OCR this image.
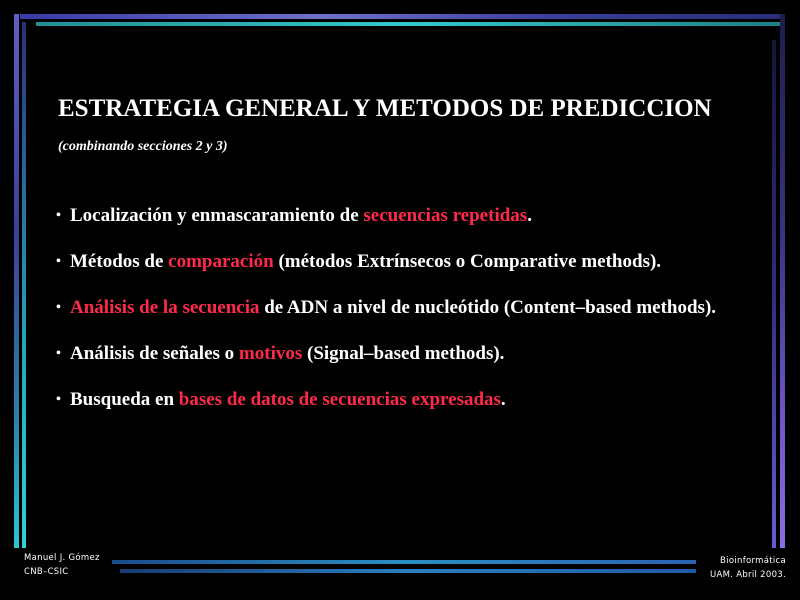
ESTRATEGIA GENERAL Y METODOS DE PREDICCION (combinando secciones 2 y 3)
• Localización y enmascaramiento de secuencias repetidas.
• Métodos de comparación (métodos Extrínsecos o Comparative methods).
• Análisis de la secuencia de ADN a nivel de nucleótido (Content–based methods).
• Análisis de señales o motivos (Signal–based methods).
• Busqueda en bases de datos de secuencias expresadas.
Manuel J. Gómez
CNB–CSIC
Bioinformática
UAM. Abril 2003.
